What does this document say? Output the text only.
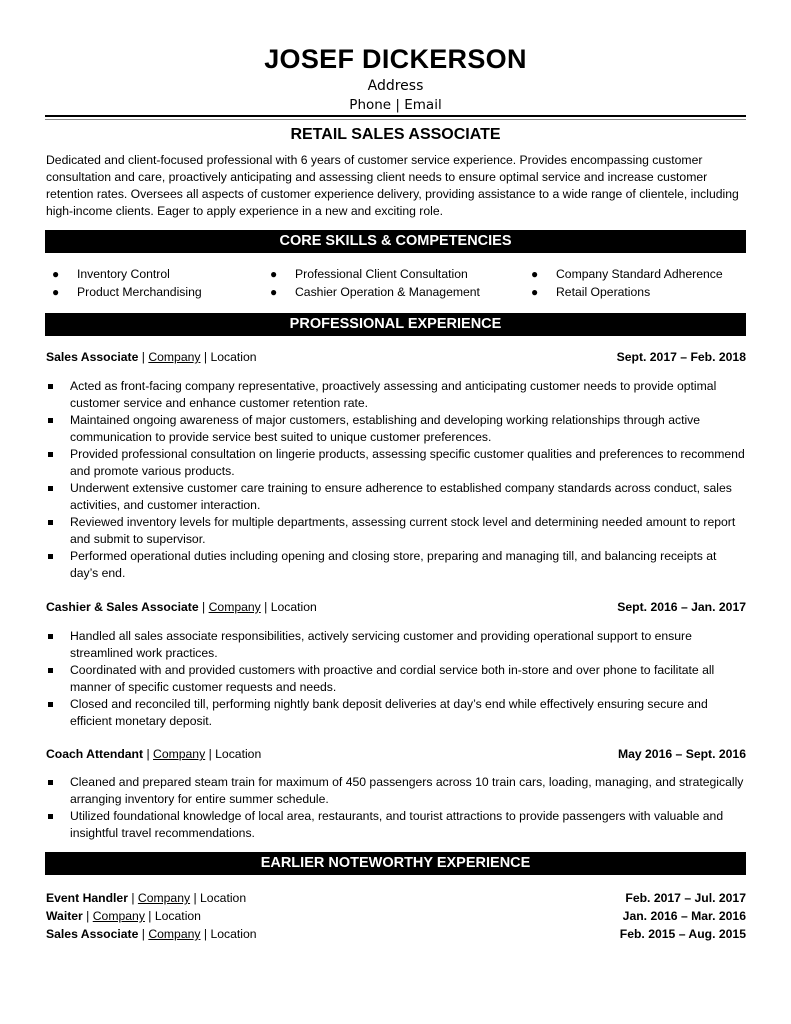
JOSEF DICKERSON
Address
Phone | Email
RETAIL SALES ASSOCIATE
Dedicated and client-focused professional with 6 years of customer service experience. Provides encompassing customer consultation and care, proactively anticipating and assessing client needs to ensure optimal service and increase customer retention rates. Oversees all aspects of customer experience delivery, providing assistance to a wide range of clientele, including high-income clients. Eager to apply experience in a new and exciting role.
CORE SKILLS & COMPETENCIES
● Inventory Control
● Product Merchandising
● Professional Client Consultation
● Cashier Operation & Management
● Company Standard Adherence
● Retail Operations
PROFESSIONAL EXPERIENCE
Sales Associate | Company | Location	Sept. 2017 – Feb. 2018
Acted as front-facing company representative, proactively assessing and anticipating customer needs to provide optimal customer service and enhance customer retention rate.
Maintained ongoing awareness of major customers, establishing and developing working relationships through active communication to provide service best suited to unique customer preferences.
Provided professional consultation on lingerie products, assessing specific customer qualities and preferences to recommend and promote various products.
Underwent extensive customer care training to ensure adherence to established company standards across conduct, sales activities, and customer interaction.
Reviewed inventory levels for multiple departments, assessing current stock level and determining needed amount to report and submit to supervisor.
Performed operational duties including opening and closing store, preparing and managing till, and balancing receipts at day’s end.
Cashier & Sales Associate | Company | Location	Sept. 2016 – Jan. 2017
Handled all sales associate responsibilities, actively servicing customer and providing operational support to ensure streamlined work practices.
Coordinated with and provided customers with proactive and cordial service both in-store and over phone to facilitate all manner of specific customer requests and needs.
Closed and reconciled till, performing nightly bank deposit deliveries at day’s end while effectively ensuring secure and efficient monetary deposit.
Coach Attendant | Company | Location	May 2016 – Sept. 2016
Cleaned and prepared steam train for maximum of 450 passengers across 10 train cars, loading, managing, and strategically arranging inventory for entire summer schedule.
Utilized foundational knowledge of local area, restaurants, and tourist attractions to provide passengers with valuable and insightful travel recommendations.
EARLIER NOTEWORTHY EXPERIENCE
Event Handler | Company | Location	Feb. 2017 – Jul. 2017
Waiter | Company | Location	Jan. 2016 – Mar. 2016
Sales Associate | Company | Location	Feb. 2015 – Aug. 2015
